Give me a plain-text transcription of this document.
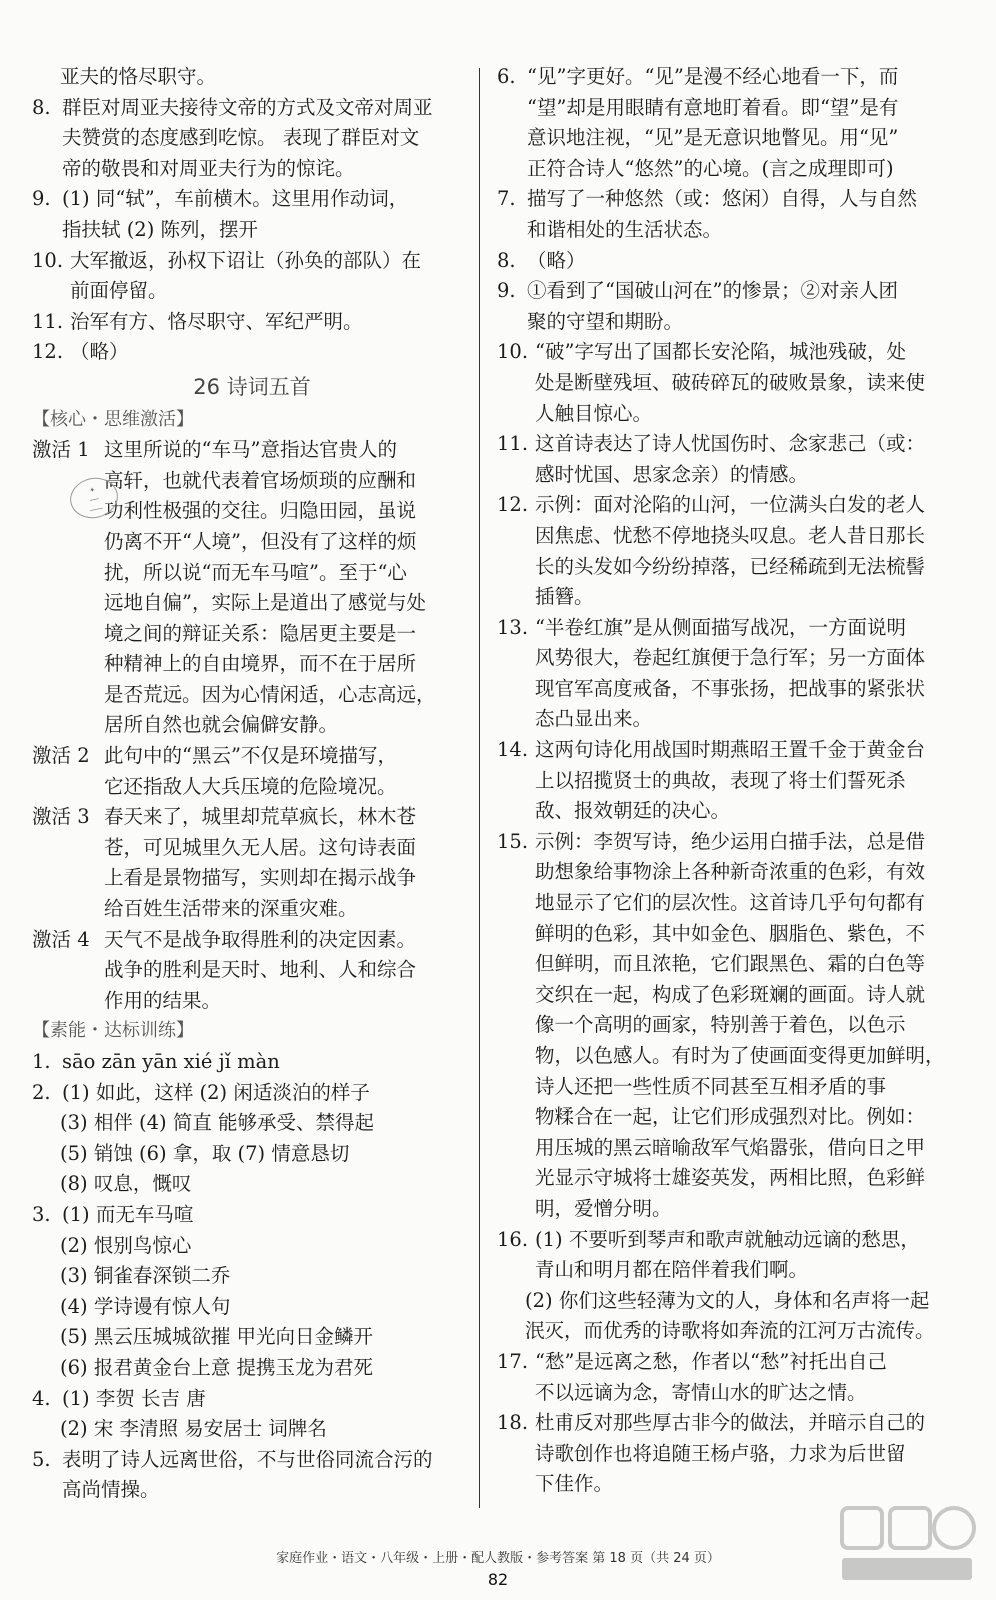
亚夫的恪尽职守。
8. 群臣对周亚夫接待文帝的方式及文帝对周亚
夫赞赏的态度感到吃惊。 表现了群臣对文
帝的敬畏和对周亚夫行为的惊诧。
9. (1) 同“轼”，车前横木。这里用作动词，
指扶轼 (2) 陈列，摆开
10. 大军撤返，孙权下诏让（孙奂的部队）在
前面停留。
11. 治军有方、恪尽职守、军纪严明。
12. （略）
26 诗词五首
【核心・思维激活】
激活 1 这里所说的“车马”意指达官贵人的
高轩，也就代表着官场烦琐的应酬和
功利性极强的交往。归隐田园，虽说
仍离不开“人境”，但没有了这样的烦
扰，所以说“而无车马喧”。至于“心
远地自偏”，实际上是道出了感觉与处
境之间的辩证关系：隐居更主要是一
种精神上的自由境界，而不在于居所
是否荒远。因为心情闲适，心志高远，
居所自然也就会偏僻安静。
激活 2 此句中的“黑云”不仅是环境描写，
它还指敌人大兵压境的危险境况。
激活 3 春天来了，城里却荒草疯长，林木苍
苍，可见城里久无人居。这句诗表面
上看是景物描写，实则却在揭示战争
给百姓生活带来的深重灾难。
激活 4 天气不是战争取得胜利的决定因素。
战争的胜利是天时、地利、人和综合
作用的结果。
【素能・达标训练】
1. sāo zān yān xié jǐ màn
2. (1) 如此，这样 (2) 闲适淡泊的样子
(3) 相伴 (4) 简直 能够承受、禁得起
(5) 销蚀 (6) 拿，取 (7) 情意恳切
(8) 叹息，慨叹
3. (1) 而无车马喧
(2) 恨别鸟惊心
(3) 铜雀春深锁二乔
(4) 学诗谩有惊人句
(5) 黑云压城城欲摧 甲光向日金鳞开
(6) 报君黄金台上意 提携玉龙为君死
4. (1) 李贺 长吉 唐
(2) 宋 李清照 易安居士 词牌名
5. 表明了诗人远离世俗，不与世俗同流合污的
高尚情操。
6. “见”字更好。“见”是漫不经心地看一下，而
“望”却是用眼睛有意地盯着看。即“望”是有
意识地注视，“见”是无意识地瞥见。用“见”
正符合诗人“悠然”的心境。(言之成理即可)
7. 描写了一种悠然（或：悠闲）自得，人与自然
和谐相处的生活状态。
8. （略）
9. ①看到了“国破山河在”的惨景；②对亲人团
聚的守望和期盼。
10. “破”字写出了国都长安沦陷，城池残破，处
处是断壁残垣、破砖碎瓦的破败景象，读来使
人触目惊心。
11. 这首诗表达了诗人忧国伤时、念家悲己（或：
感时忧国、思家念亲）的情感。
12. 示例：面对沦陷的山河，一位满头白发的老人
因焦虑、忧愁不停地挠头叹息。老人昔日那长
长的头发如今纷纷掉落，已经稀疏到无法梳髻
插簪。
13. “半卷红旗”是从侧面描写战况，一方面说明
风势很大，卷起红旗便于急行军；另一方面体
现官军高度戒备，不事张扬，把战事的紧张状
态凸显出来。
14. 这两句诗化用战国时期燕昭王置千金于黄金台
上以招揽贤士的典故，表现了将士们誓死杀
敌、报效朝廷的决心。
15. 示例：李贺写诗，绝少运用白描手法，总是借
助想象给事物涂上各种新奇浓重的色彩，有效
地显示了它们的层次性。这首诗几乎句句都有
鲜明的色彩，其中如金色、胭脂色、紫色，不
但鲜明，而且浓艳，它们跟黑色、霜的白色等
交织在一起，构成了色彩斑斓的画面。诗人就
像一个高明的画家，特别善于着色，以色示
物，以色感人。有时为了使画面变得更加鲜明，
诗人还把一些性质不同甚至互相矛盾的事
物糅合在一起，让它们形成强烈对比。例如：
用压城的黑云暗喻敌军气焰嚣张，借向日之甲
光显示守城将士雄姿英发，两相比照，色彩鲜
明，爱憎分明。
16. (1) 不要听到琴声和歌声就触动远谪的愁思，
青山和明月都在陪伴着我们啊。
(2) 你们这些轻薄为文的人，身体和名声将一起
泯灭，而优秀的诗歌将如奔流的江河万古流传。
17. “愁”是远离之愁，作者以“愁”衬托出自己
不以远谪为念，寄情山水的旷达之情。
18. 杜甫反对那些厚古非今的做法，并暗示自己的
诗歌创作也将追随王杨卢骆，力求为后世留
下佳作。
✦
──
───
家庭作业・语文・八年级・上册・配人教版・参考答案 第 18 页（共 24 页）
82
